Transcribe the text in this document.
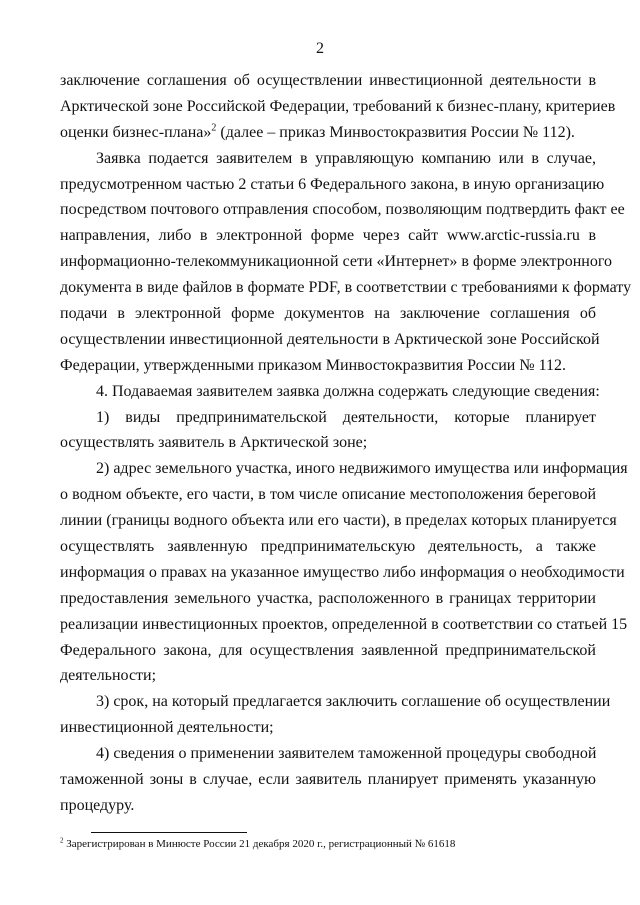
2
заключение соглашения об осуществлении инвестиционной деятельности в
Арктической зоне Российской Федерации, требований к бизнес-плану, критериев
оценки бизнес-плана»$^2$ (далее – приказ Минвостокразвития России № 112).
Заявка подается заявителем в управляющую компанию или в случае,
предусмотренном частью 2 статьи 6 Федерального закона, в иную организацию
посредством почтового отправления способом, позволяющим подтвердить факт ее
направления, либо в электронной форме через сайт www.arctic-russia.ru в
информационно-телекоммуникационной сети «Интернет» в форме электронного
документа в виде файлов в формате PDF, в соответствии с требованиями к формату
подачи в электронной форме документов на заключение соглашения об
осуществлении инвестиционной деятельности в Арктической зоне Российской
Федерации, утвержденными приказом Минвостокразвития России № 112.
4. Подаваемая заявителем заявка должна содержать следующие сведения:
1) виды предпринимательской деятельности, которые планирует
осуществлять заявитель в Арктической зоне;
2) адрес земельного участка, иного недвижимого имущества или информация
о водном объекте, его части, в том числе описание местоположения береговой
линии (границы водного объекта или его части), в пределах которых планируется
осуществлять заявленную предпринимательскую деятельность, а также
информация о правах на указанное имущество либо информация о необходимости
предоставления земельного участка, расположенного в границах территории
реализации инвестиционных проектов, определенной в соответствии со статьей 15
Федерального закона, для осуществления заявленной предпринимательской
деятельности;
3) срок, на который предлагается заключить соглашение об осуществлении
инвестиционной деятельности;
4) сведения о применении заявителем таможенной процедуры свободной
таможенной зоны в случае, если заявитель планирует применять указанную
процедуру.
$^2$ Зарегистрирован в Минюсте России 21 декабря 2020 г., регистрационный № 61618
